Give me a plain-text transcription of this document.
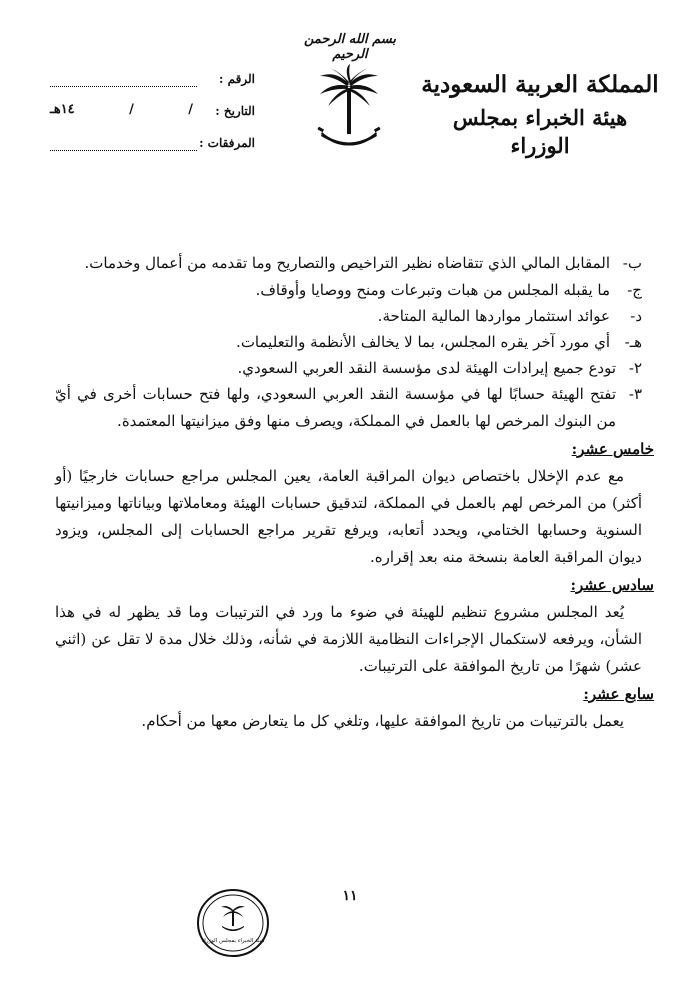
بسم الله الرحمن الرحيم
المملكة العربية السعودية
هيئة الخبراء بمجلس الوزراء
الرقم :
التاريخ :
/
/
١٤هـ
المرفقات :

ب-
المقابل المالي الذي تتقاضاه نظير التراخيص والتصاريح وما تقدمه من أعمال وخدمات.

ج-
ما يقبله المجلس من هبات وتبرعات ومنح ووصايا وأوقاف.

د-
عوائد استثمار مواردها المالية المتاحة.

هـ-
أي مورد آخر يقره المجلس، بما لا يخالف الأنظمة والتعليمات.

٢-
تودع جميع إيرادات الهيئة لدى مؤسسة النقد العربي السعودي.

٣-
تفتح الهيئة حسابًا لها في مؤسسة النقد العربي السعودي، ولها فتح حسابات أخرى في أيّ من البنوك المرخص لها بالعمل في المملكة، ويصرف منها وفق ميزانيتها المعتمدة.

خامس عشر:

مع عدم الإخلال باختصاص ديوان المراقبة العامة، يعين المجلس مراجع حسابات خارجيًا (أو أكثر) من المرخص لهم بالعمل في المملكة، لتدقيق حسابات الهيئة ومعاملاتها وبياناتها وميزانيتها السنوية وحسابها الختامي، ويحدد أتعابه، ويرفع تقرير مراجع الحسابات إلى المجلس، ويزود ديوان المراقبة العامة بنسخة منه بعد إقراره.

سادس عشر:

يُعد المجلس مشروع تنظيم للهيئة في ضوء ما ورد في الترتيبات وما قد يظهر له في هذا الشأن، ويرفعه لاستكمال الإجراءات النظامية اللازمة في شأنه، وذلك خلال مدة لا تقل عن (اثني عشر) شهرًا من تاريخ الموافقة على الترتيبات.

سابع عشر:

يعمل بالترتيبات من تاريخ الموافقة عليها، وتلغي كل ما يتعارض معها من أحكام.

١١
هيئة الخبراء بمجلس الوزراء
